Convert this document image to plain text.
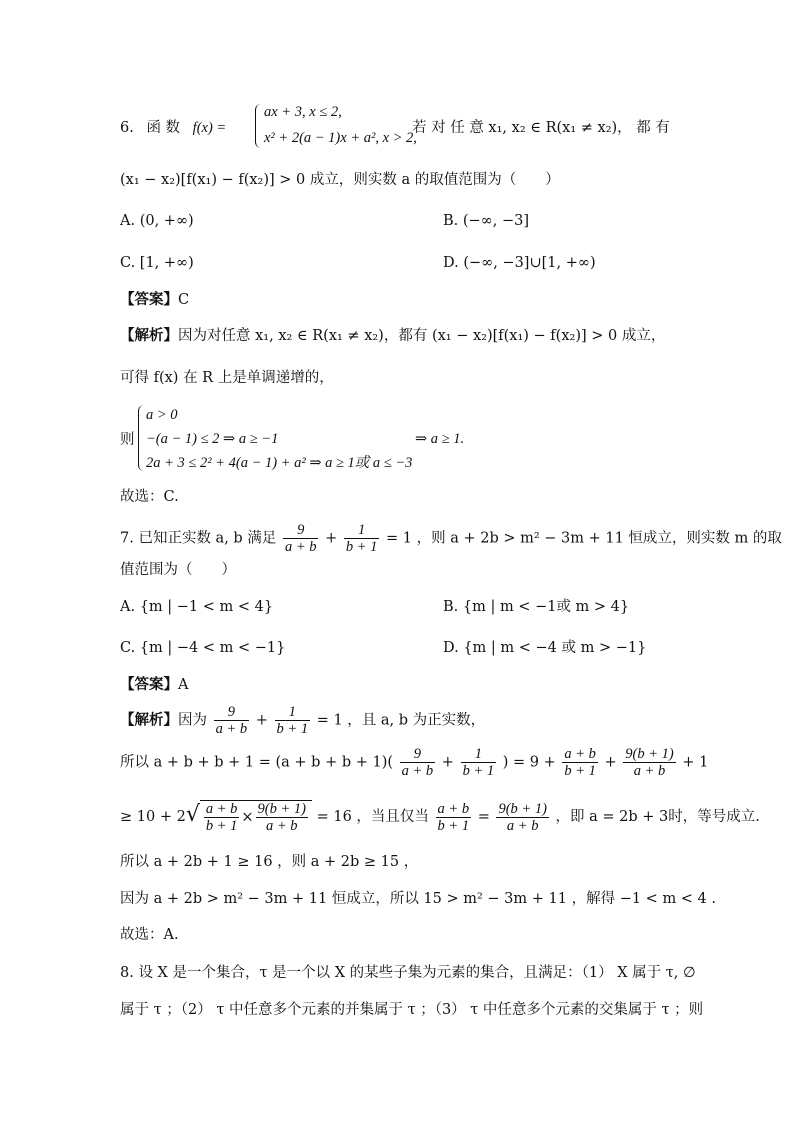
6. 函 数 f(x) =
ax + 3, x ≤ 2,
x² + 2(a − 1)x + a², x > 2,
若 对 任 意 x₁, x₂ ∈ R(x₁ ≠ x₂)， 都 有
(x₁ − x₂)[f(x₁) − f(x₂)] > 0 成立，则实数 a 的取值范围为（　　）
A. (0, +∞)	B. (−∞, −3]
C. [1, +∞)	D. (−∞, −3]∪[1, +∞)
【答案】C
【解析】因为对任意 x₁, x₂ ∈ R(x₁ ≠ x₂)，都有 (x₁ − x₂)[f(x₁) − f(x₂)] > 0 成立，
可得 f(x) 在 R 上是单调递增的，
则
a > 0
−(a − 1) ≤ 2 ⇒ a ≥ −1
2a + 3 ≤ 2² + 4(a − 1) + a² ⇒ a ≥ 1或 a ≤ −3
⇒ a ≥ 1.
故选：C.
7. 已知正实数 a, b 满足 $\frac{9}{a + b} + \frac{1}{b + 1} = 1$ ，则 a + 2b > m² − 3m + 11 恒成立，则实数 m 的取
值范围为（　　）
A. {m | −1 < m < 4}	B. {m | m < −1或 m > 4}
C. {m | −4 < m < −1}	D. {m | m < −4 或 m > −1}
【答案】A
【解析】因为 $\frac{9}{a + b} + \frac{1}{b + 1} = 1$ ，且 a, b 为正实数，
所以 $a + b + b + 1 = (a + b + b + 1)( \frac{9}{a + b} + \frac{1}{b + 1}$ ) = $9 + \frac{a + b}{b + 1} + \frac{9(b + 1)}{a + b} + 1$
≥ $10 + 2√ \frac{a + b}{b + 1} \times \frac{9(b + 1)}{a + b} = 16$ ，当且仅当 $\frac{a + b}{b + 1} = \frac{9(b + 1)}{a + b}$ ，即 a = 2b + 3时，等号成立.
所以 a + 2b + 1 ≥ 16 ，则 a + 2b ≥ 15 ，
因为 a + 2b > m² − 3m + 11 恒成立，所以 15 > m² − 3m + 11 ，解得 −1 < m < 4 .
故选：A.
8. 设 X 是一个集合，τ 是一个以 X 的某些子集为元素的集合，且满足：（1） X 属于 τ, ∅
属于 τ ；（2） τ 中任意多个元素的并集属于 τ ；（3） τ 中任意多个元素的交集属于 τ ；则
